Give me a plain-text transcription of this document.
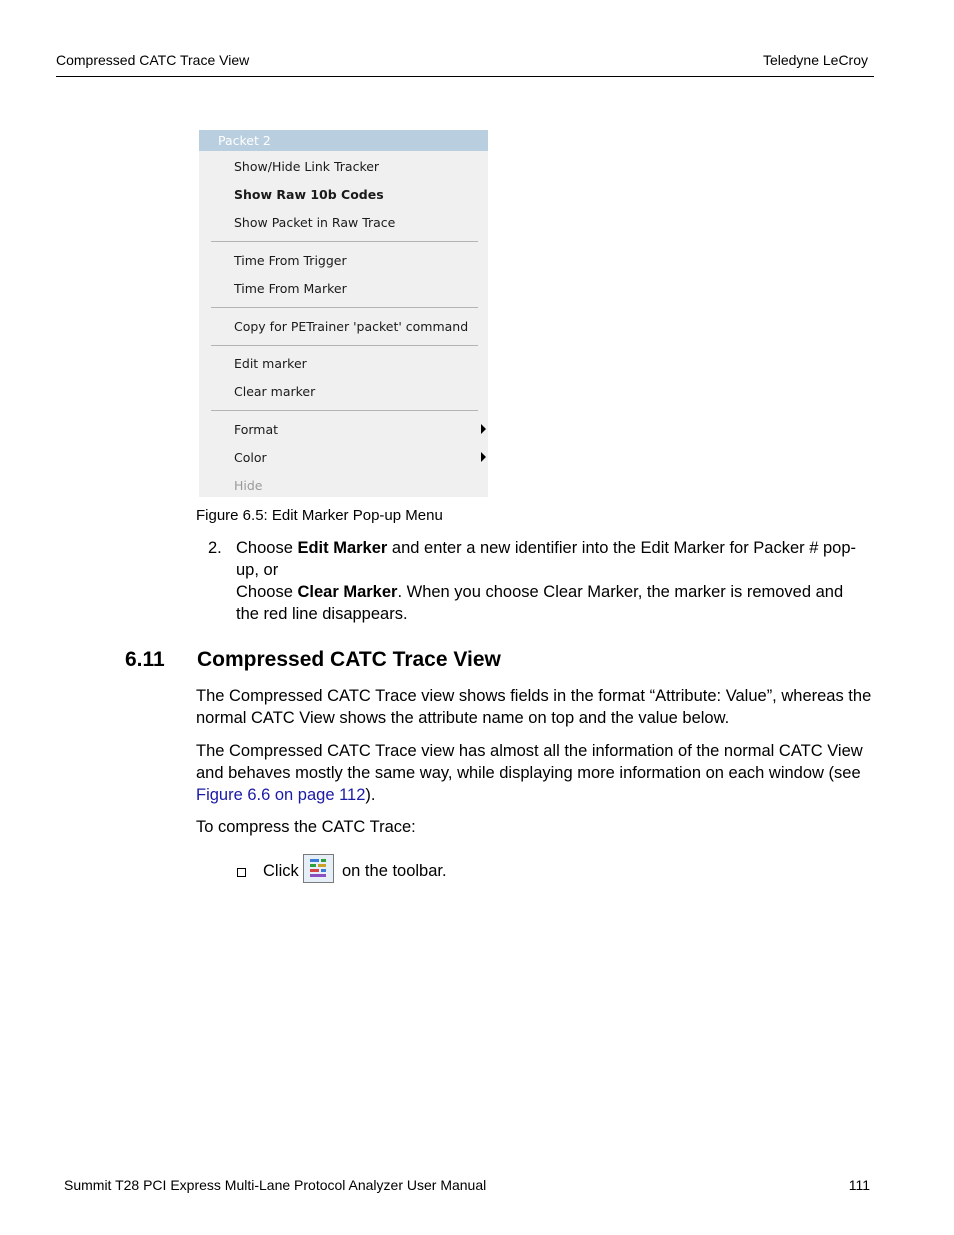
Compressed CATC Trace View	Teledyne LeCroy
Packet 2
Show/Hide Link Tracker
Show Raw 10b Codes
Show Packet in Raw Trace
Time From Trigger
Time From Marker
Copy for PETrainer 'packet' command
Edit marker
Clear marker
Format
Color
Hide
Figure 6.5: Edit Marker Pop-up Menu
2. Choose Edit Marker and enter a new identifier into the Edit Marker for Packer # pop-up, or

Choose Clear Marker. When you choose Clear Marker, the marker is removed and the red line disappears.

6.11 Compressed CATC Trace View

The Compressed CATC Trace view shows fields in the format “Attribute: Value”, whereas the normal CATC View shows the attribute name on top and the value below.

The Compressed CATC Trace view has almost all the information of the normal CATC View and behaves mostly the same way, while displaying more information on each window (see Figure 6.6 on page 112).

To compress the CATC Trace:

Click	on the toolbar.
Summit T28 PCI Express Multi-Lane Protocol Analyzer User Manual	111
